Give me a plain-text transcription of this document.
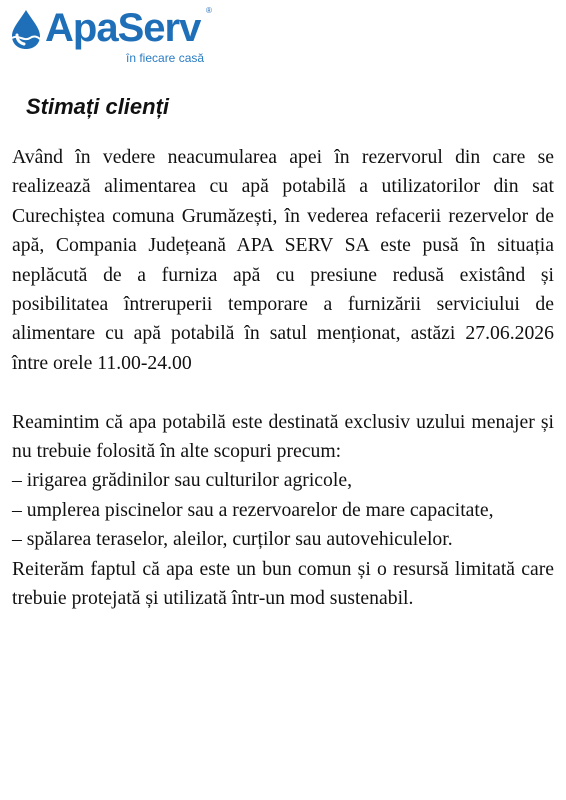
ApaServ ®
în fiecare casă
Stimați clienți

Având în vedere neacumularea apei în rezervorul din care se realizează alimentarea cu apă potabilă a utilizatorilor din sat Curechiștea comuna Grumăzești, în vederea refacerii rezervelor de apă, Compania Județeană APA SERV SA este pusă în situația neplăcută de a furniza apă cu presiune redusă existând și posibilitatea întreruperii temporare a furnizării serviciului de alimentare cu apă potabilă în satul menționat, astăzi 27.06.2026 între orele 11.00-24.00

Reamintim că apa potabilă este destinată exclusiv uzului menajer și nu trebuie folosită în alte scopuri precum:

– irigarea grădinilor sau culturilor agricole,

– umplerea piscinelor sau a rezervoarelor de mare capacitate,

– spălarea teraselor, aleilor, curților sau autovehiculelor.

Reiterăm faptul că apa este un bun comun și o resursă limitată care trebuie protejată și utilizată într-un mod sustenabil.
